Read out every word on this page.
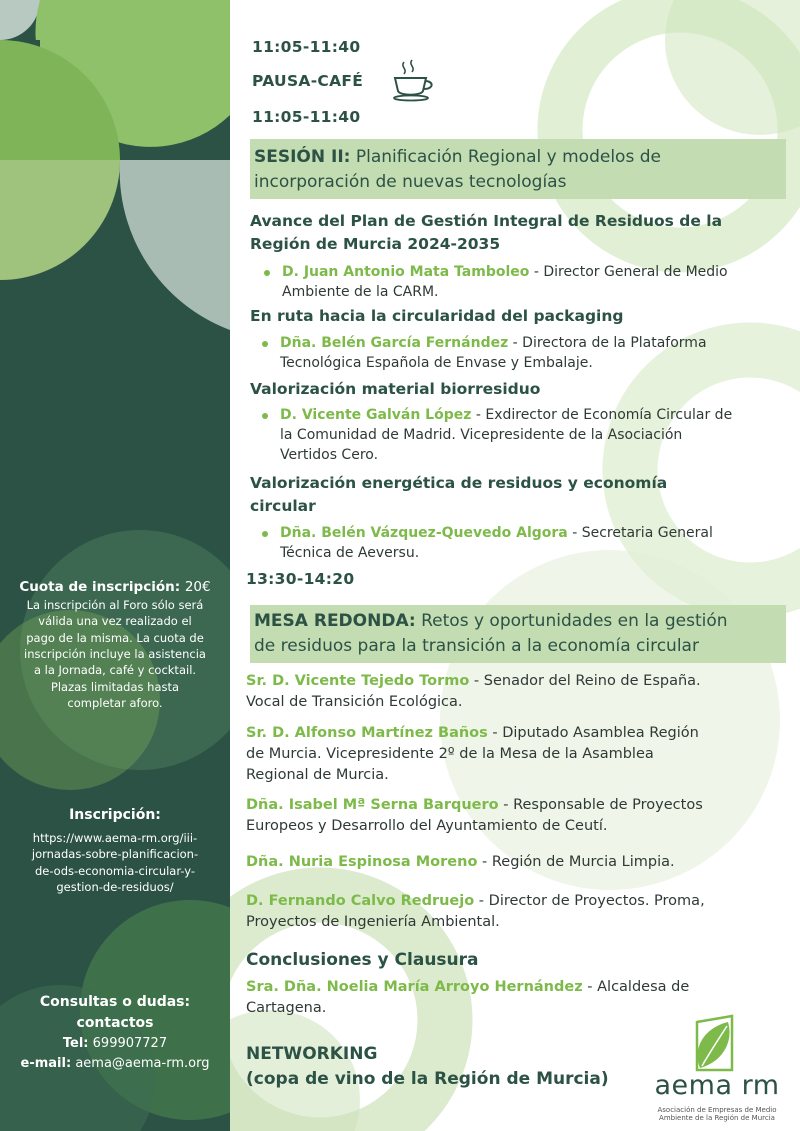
Cuota de inscripción: 20€
La inscripción al Foro sólo será
válida una vez realizado el
pago de la misma. La cuota de
inscripción incluye la asistencia
a la Jornada, café y cocktail.
Plazas limitadas hasta
completar aforo.
Inscripción:
https://www.aema-rm.org/iii-
jornadas-sobre-planificacion-
de-ods-economia-circular-y-
gestion-de-residuos/
Consultas o dudas:
contactos
Tel: 699907727
e-mail: aema@aema-rm.org
11:05-11:40
PAUSA-CAFÉ
11:05-11:40
SESIÓN II: Planificación Regional y modelos de
incorporación de nuevas tecnologías
Avance del Plan de Gestión Integral de Residuos de la
Región de Murcia 2024-2035
D. Juan Antonio Mata Tamboleo - Director General de Medio
Ambiente de la CARM.
En ruta hacia la circularidad del packaging
Dña. Belén García Fernández - Directora de la Plataforma
Tecnológica Española de Envase y Embalaje.
Valorización material biorresiduo
D. Vicente Galván López - Exdirector de Economía Circular de
la Comunidad de Madrid. Vicepresidente de la Asociación
Vertidos Cero.
Valorización energética de residuos y economía
circular
Dña. Belén Vázquez-Quevedo Algora - Secretaria General
Técnica de Aeversu.
13:30-14:20
MESA REDONDA: Retos y oportunidades en la gestión
de residuos para la transición a la economía circular
Sr. D. Vicente Tejedo Tormo - Senador del Reino de España.
Vocal de Transición Ecológica.
Sr. D. Alfonso Martínez Baños - Diputado Asamblea Región
de Murcia. Vicepresidente 2º de la Mesa de la Asamblea
Regional de Murcia.
Dña. Isabel Mª Serna Barquero - Responsable de Proyectos
Europeos y Desarrollo del Ayuntamiento de Ceutí.
Dña. Nuria Espinosa Moreno - Región de Murcia Limpia.
D. Fernando Calvo Redruejo - Director de Proyectos. Proma,
Proyectos de Ingeniería Ambiental.
Conclusiones y Clausura
Sra. Dña. Noelia María Arroyo Hernández - Alcaldesa de
Cartagena.
NETWORKING
(copa de vino de la Región de Murcia)	aema rm
Asociación de Empresas de Medio
Ambiente de la Región de Murcia
